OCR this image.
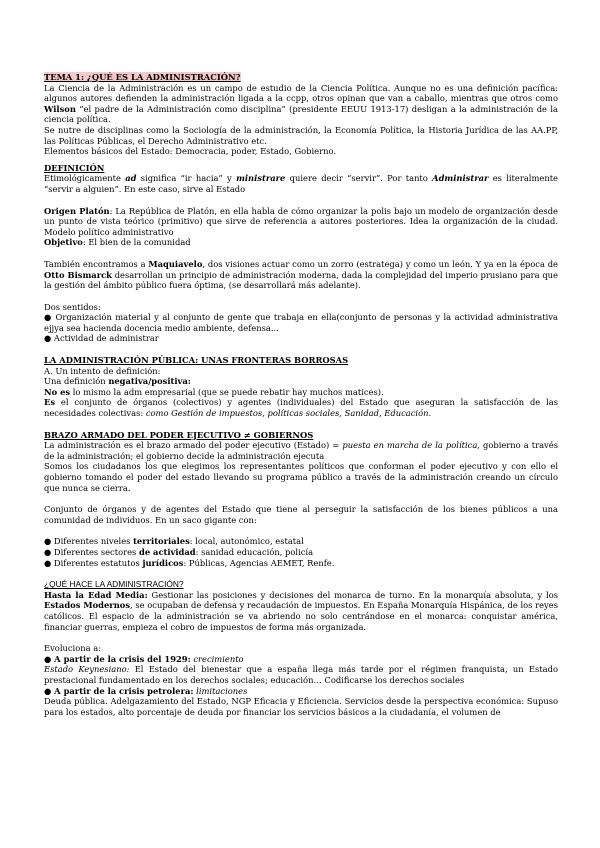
TEMA 1: ¿QUÉ ES LA ADMINISTRACIÓN?

La Ciencia de la Administración es un campo de estudio de la Ciencia Política. Aunque no es una definición pacífica: algunos autores defienden la administración ligada a la ccpp, otros opinan que van a caballo, mientras que otros como Wilson “el padre de la Administración como disciplina” (presidente EEUU 1913-17) desligan a la administración de la ciencia política.

Se nutre de disciplinas como la Sociología de la administración, la Economía Política, la Historia Jurídica de las AA.PP, las Políticas Públicas, el Derecho Administrativo etc.

Elementos básicos del Estado: Democracia, poder, Estado, Gobierno.

DEFINICIÓN

Etimológicamente ad significa “ir hacia” y ministrare quiere decir “servir”. Por tanto Administrar es literalmente “servir a alguien”. En este caso, sirve al Estado

Origen Platón: La República de Platón, en ella habla de cómo organizar la polis bajo un modelo de organización desde un punto de vista teórico (primitivo) que sirve de referencia a autores posteriores. Idea la organización de la ciudad. Modelo político administrativo

Objetivo: El bien de la comunidad

También encontramos a Maquiavelo, dos visiones actuar como un zorro (estratega) y como un león. Y ya en la época de Otto Bismarck desarrollan un principio de administración moderna, dada la complejidad del imperio prusiano para que la gestión del ámbito público fuera óptima, (se desarrollará más adelante).

Dos sentidos:

● Organización material y al conjunto de gente que trabaja en ella(conjunto de personas y la actividad administrativa ejjya sea hacienda docencia medio ambiente, defensa...

● Actividad de administrar

LA ADMINISTRACIÓN PÚBLICA: UNAS FRONTERAS BORROSAS

A. Un intento de definición:

Una definición negativa/positiva:

No es lo mismo la adm empresarial (que se puede rebatir hay muchos matices).

Es el conjunto de órganos (colectivos) y agentes (individuales) del Estado que aseguran la satisfacción de las necesidades colectivas: como Gestión de impuestos, políticas sociales, Sanidad, Educación.

BRAZO ARMADO DEL PODER EJECUTIVO ≠ GOBIERNOS

La administración es el brazo armado del poder ejecutivo (Estado) = puesta en marcha de la política, gobierno a través de la administración; el gobierno decide la administración ejecuta

Somos los ciudadanos los que elegimos los representantes políticos que conforman el poder ejecutivo y con ello el gobierno tomando el poder del estado llevando su programa público a través de la administración creando un círculo que nunca se cierra.

Conjunto de órganos y de agentes del Estado que tiene al perseguir la satisfacción de los bienes públicos a una comunidad de individuos. En un saco gigante con:

● Diferentes niveles territoriales: local, autonómico, estatal

● Diferentes sectores de actividad: sanidad educación, policía

● Diferentes estatutos jurídicos: Públicas, Agencias AEMET, Renfe.

¿QUÉ HACE LA ADMINISTRACIÓN?

Hasta la Edad Media: Gestionar las posiciones y decisiones del monarca de turno. En la monarquía absoluta, y los Estados Modernos, se ocupaban de defensa y recaudación de impuestos. En España Monarquía Hispánica, de los reyes católicos. El espacio de la administración se va abriendo no solo centrándose en el monarca: conquistar américa, financiar guerras, empieza el cobro de impuestos de forma más organizada.

Evoluciona a:

● A partir de la crisis del 1929: crecimiento

Estado Keynesiano: El Estado del bienestar que a españa llega más tarde por el régimen franquista, un Estado prestacional fundamentado en los derechos sociales; educación… Codificarse los derechos sociales

● A partir de la crisis petrolera: limitaciones

Deuda pública. Adelgazamiento del Estado, NGP Eficacia y Eficiencia. Servicios desde la perspectiva económica: Supuso para los estados, alto porcentaje de deuda por financiar los servicios básicos a la ciudadanía, el volumen de
